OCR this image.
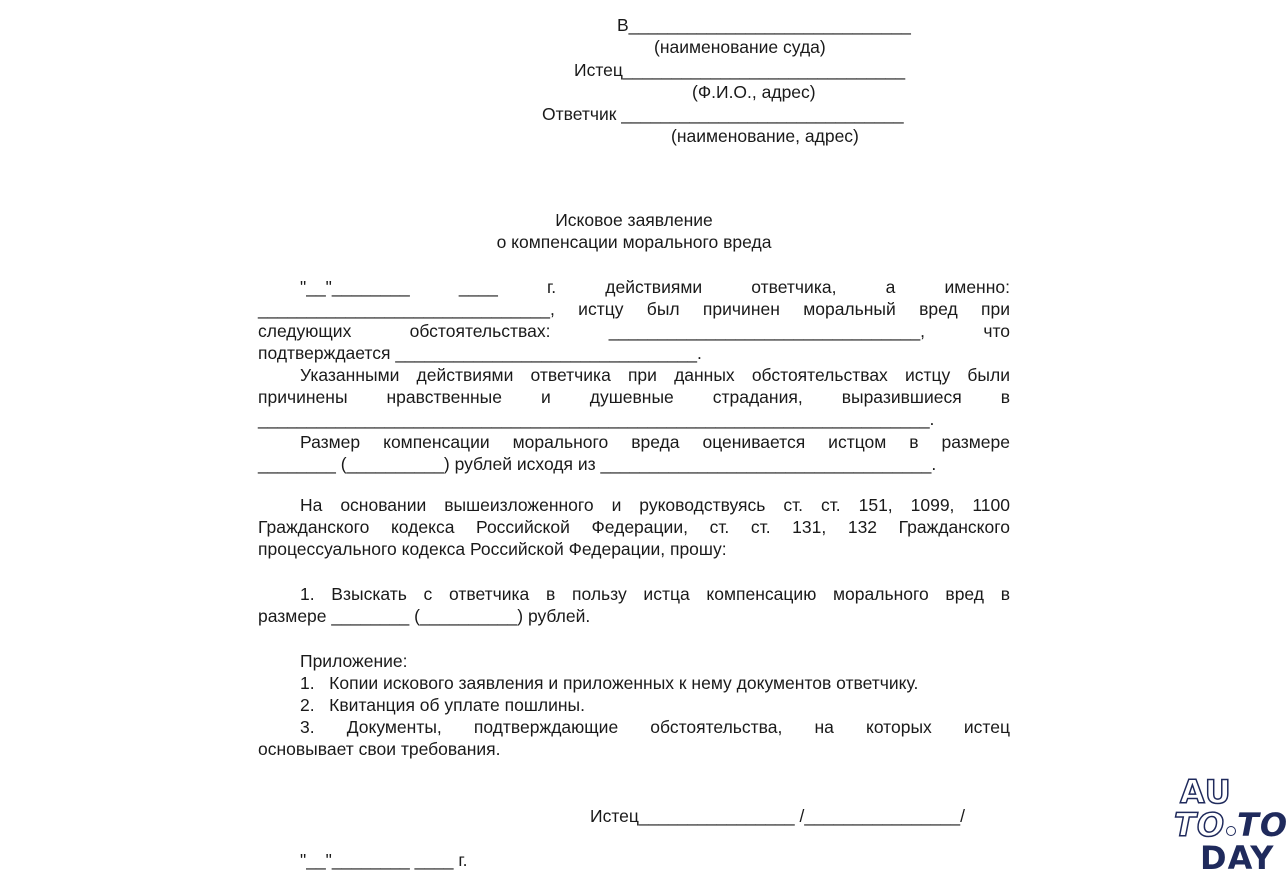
В_____________________________
(наименование суда)
Истец_____________________________
(Ф.И.О., адрес)
Ответчик _____________________________
(наименование, адрес)
Исковое заявление
о компенсации морального вреда
"__"________ ____ г. действиями ответчика, а именно:
______________________________, истцу был причинен моральный вред при
следующих обстоятельствах: ________________________________, что
подтверждается _______________________________.
Указанными действиями ответчика при данных обстоятельствах истцу были
причинены нравственные и душевные страдания, выразившиеся в
_____________________________________________________________________.
Размер компенсации морального вреда оценивается истцом в размере
________ (__________) рублей исходя из __________________________________.
На основании вышеизложенного и руководствуясь ст. ст. 151, 1099, 1100
Гражданского кодекса Российской Федерации, ст. ст. 131, 132 Гражданского
процессуального кодекса Российской Федерации, прошу:
1. Взыскать с ответчика в пользу истца компенсацию морального вред в
размере ________ (__________) рублей.
Приложение:
1.   Копии искового заявления и приложенных к нему документов ответчику.
2.   Квитанция об уплате пошлины.
3. Документы, подтверждающие обстоятельства, на которых истец
основывает свои требования.
Истец________________ /________________/
"__"________ ____ г.
AU
TO TO
DAY
